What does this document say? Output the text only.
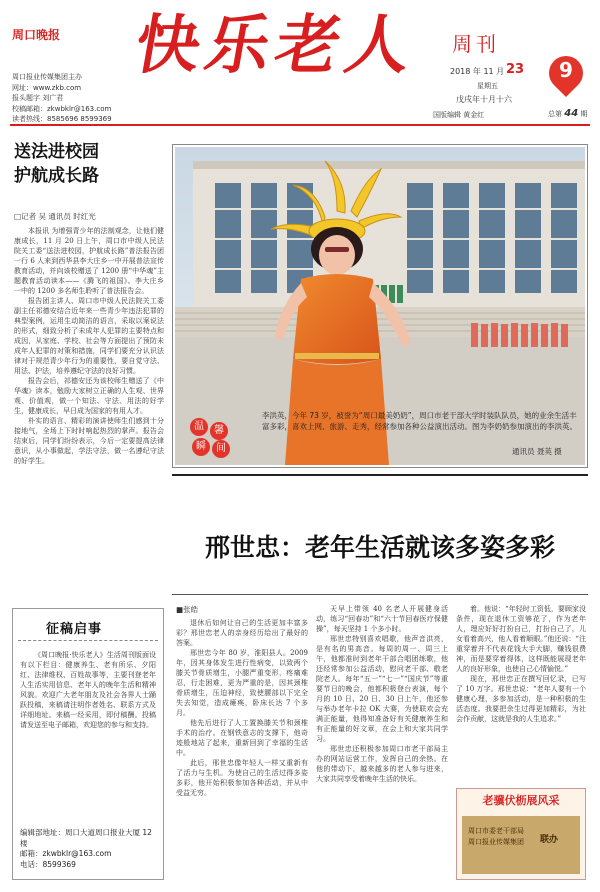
周口晚报
周口报业传媒集团主办
网址：www.zkb.com
报头题字 刘广君
校稿邮箱：zkwbklr@163.com
读者热线：8585696 8599369
快乐老人 周刊
2018 年 11 月 23
星期五
戊戌年十月十六
国版编辑 黄金红	总第 44 期
9
送法进校园
护航成长路
□记者 吴 通讯员 时红光

本报讯 为增强青少年的法制观念，让他们健康成长，11 月 20 日上午，周口市中级人民法院关工委“送法进校园，护航成长路”普法报告团一行 6 人来到西华县李大庄乡一中开展普法宣传教育活动，并向该校赠送了 1200 册“中华魂”主题教育活动读本——《腾飞的祖国》。李大庄乡一中的 1200 多名师生聆听了普法报告会。

报告团主讲人、周口市中级人民法院关工委副主任祁德安结合近年来一些青少年违法犯罪的典型案例，运用生动简洁的语言，采取以案说法的形式，细致分析了未成年人犯罪的主要特点和成因，从家庭、学校、社会等方面提出了预防未成年人犯罪的对策和措施，同学们要充分认识法律对于规范青少年行为的重要性，要自觉守法、用法、护法，培养遵纪守法的良好习惯。

报告会后，祁德安还为该校师生赠送了《中华魂》读本，勉励大家树立正确的人生观、世界观、价值观，做一个知法、守法、用法的好学生，健康成长，早日成为国家的有用人才。

朴实的语言、精彩的演讲使师生们感到十分接地气，全场上下时时响起热烈的掌声。报告会结束后，同学们纷纷表示，今后一定要提高法律意识，从小事做起，学法守法，做一名遵纪守法的好学生。

征稿启事
《周口晚报·快乐老人》生活周刊版面设有以下栏目：健康养生、老有所乐、夕阳红、法律维权、百姓故事等，主要刊登老年人生活实用信息、老年人的晚年生活和精神风貌。欢迎广大老年朋友及社会各界人士踊跃投稿，来稿请注明作者姓名、联系方式及详细地址。来稿一经采用，即付稿酬。投稿请发送至电子邮箱，欢迎您的参与和支持。
编辑部地址：周口大道周口报业大厦 12 楼
邮箱：zkwbklr@163.com
电话：8599369
温	馨
瞬	间
李洪英，今年 73 岁，被誉为“周口最美奶奶”，周口市老干部大学时装队队员，她的业余生活丰富多彩，喜欢上网、旅游、走秀，经常参加各种公益演出活动。图为李奶奶参加演出的李洪英。
通讯员 聂英 摄
邢世忠：老年生活就该多姿多彩
■张皓

退休后如何让自己的生活更加丰富多彩？邢世忠老人的亲身经历给出了最好的答案。

邢世忠今年 80 岁，淮阳县人。2009 年，因其身体发生进行性病变，以致两个膝关节骨质增生，小腿严重变形，疼痛难忍，行走困难，更为严重的是，因其颈椎骨质增生，压迫神经，致使腰部以下完全失去知觉，造成瘫痪，卧床长达 7 个多月。

他先后进行了人工置换膝关节和颈椎手术的治疗。在钢铁意志的支撑下，他奇迹般地站了起来，重新回到了幸福的生活中。

此后，邢世忠像年轻人一样又重新有了活力与生机。为使自己的生活过得多姿多彩，他开始积极参加各种活动，并从中受益无穷。

天早上带领 40 名老人开展健身活动，练习“回春功”和“六十节回春医疗保健操”，每天坚持 1 个多小时。

邢世忠特别喜欢唱歌，他声音洪亮，是有名的男高音。每周的周一、周三上午，他都准时到老年干部合唱团练歌，他还经常参加公益活动，慰问老干部、敬老院老人。每年“五一”“七一”“国庆节”等重要节日的晚会，他都积极登台表演，每个月的 10 日、20 日、30 日上午，他还参与举办老年卡拉 OK 大赛，为使联欢会充满正能量，他得知准备好有关健康养生和有正能量的好文章，在会上和大家共同学习。

邢世忠还积极参加周口市老干部局主办的网站运营工作，发挥自己的余热。在他的带动下，越来越多的老人参与进来，大家共同享受着晚年生活的快乐。

着。他说：“年轻时工资低，要顾家没条件，现在退休工资够花了，作为老年人，理应好好打扮自己，打扮自己了，儿女看着高兴，他人看着顺眼。”他还说：“注重穿着并不代表花钱大手大脚，赚钱很费神，而是要穿着得体，这样既能展现老年人的良好形象，也使自己心情愉悦。”

现在，邢世忠正在撰写回忆录，已写了 10 万字。邢世忠说：“老年人要有一个健康心理，多参加活动，是一种积极的生活态度。我要把余生过得更加精彩，为社会作贡献，这就是我的人生追求。”

老骥伏枥展风采
周口市委老干部局
周口报业传媒集团 联办
